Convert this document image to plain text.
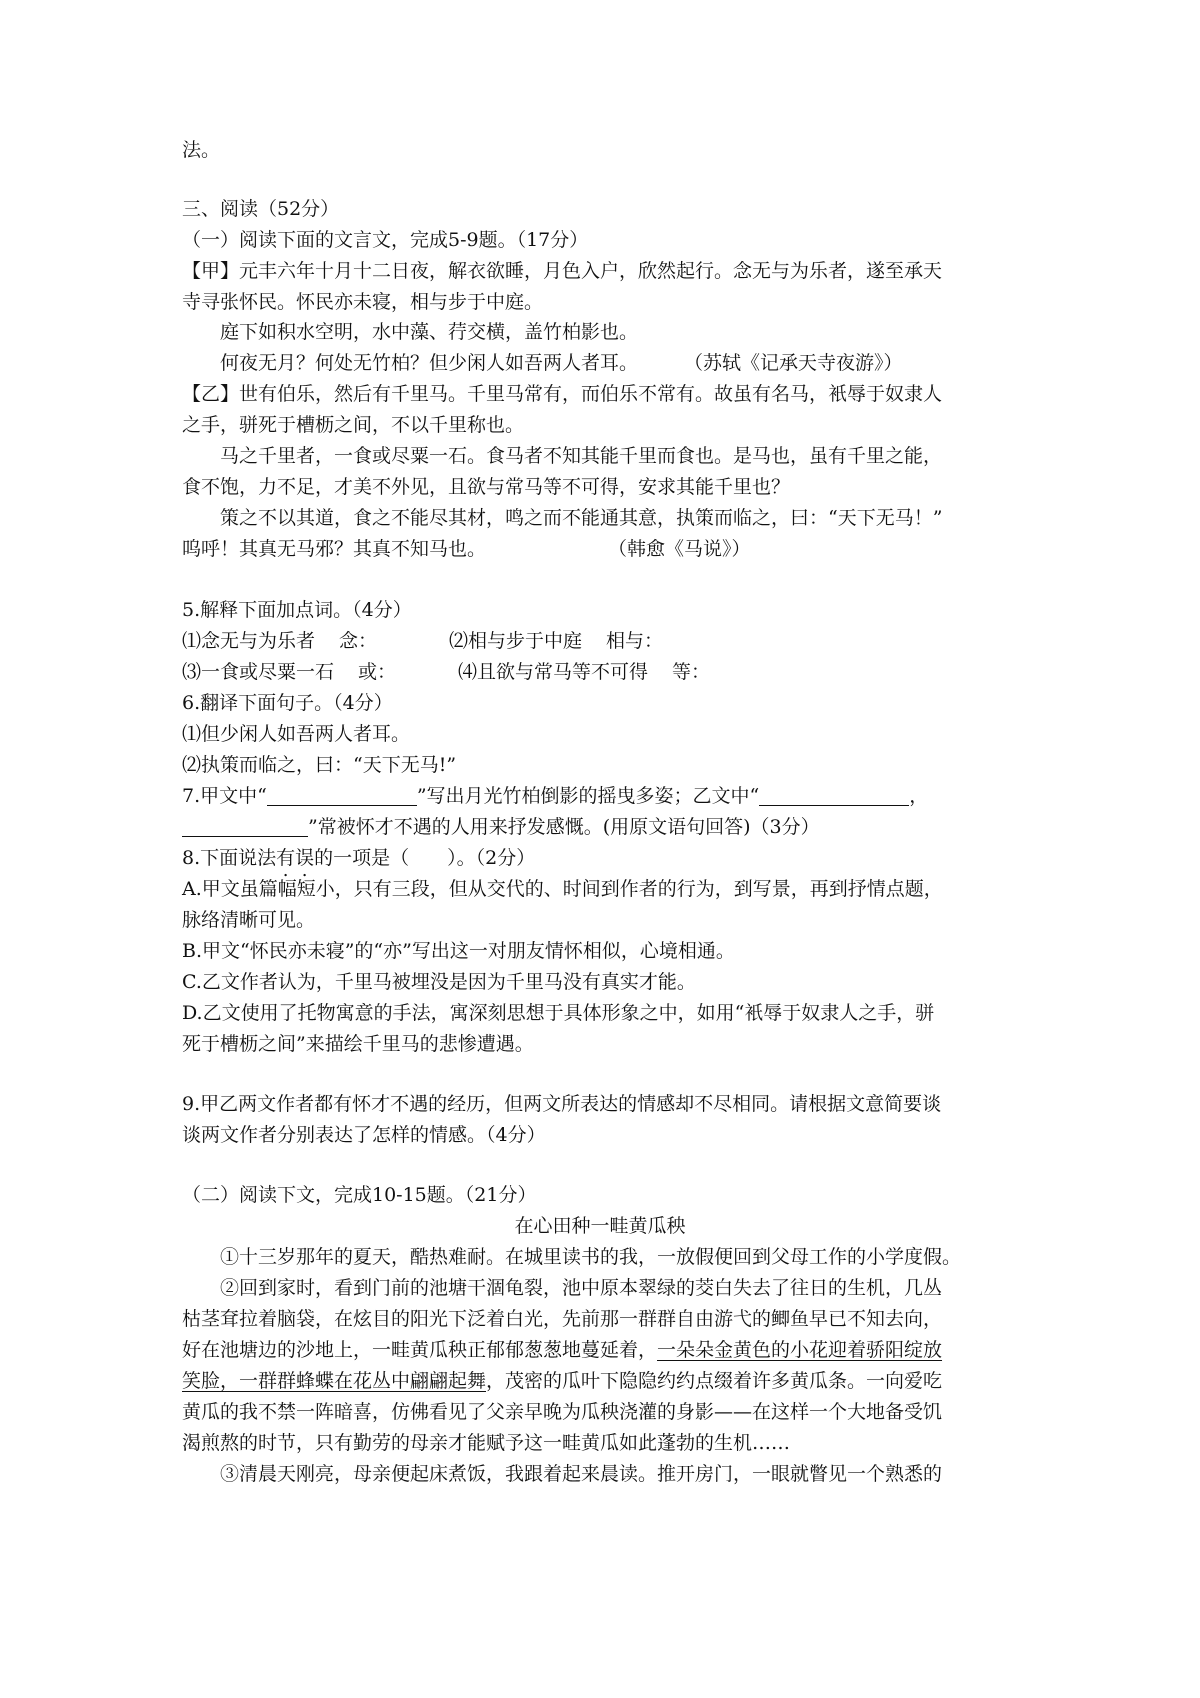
法。
三、阅读（52分）
（一）阅读下面的文言文，完成5-9题。（17分）
【甲】元丰六年十月十二日夜，解衣欲睡，月色入户，欣然起行。念无与为乐者，遂至承天
寺寻张怀民。怀民亦未寝，相与步于中庭。
庭下如积水空明，水中藻、荇交横，盖竹柏影也。
何夜无月？何处无竹柏？但少闲人如吾两人者耳。 （苏轼《记承天寺夜游》）
【乙】世有伯乐，然后有千里马。千里马常有，而伯乐不常有。故虽有名马，衹辱于奴隶人
之手，骈死于槽枥之间，不以千里称也。
马之千里者，一食或尽粟一石。食马者不知其能千里而食也。是马也，虽有千里之能，
食不饱，力不足，才美不外见，且欲与常马等不可得，安求其能千里也？
策之不以其道，食之不能尽其材，鸣之而不能通其意，执策而临之，曰：“天下无马！”
呜呼！其真无马邪？其真不知马也。	（韩愈《马说》）
5.解释下面加点词。（4分）
⑴念无与为乐者 念：	⑵相与步于中庭 相与：
⑶一食或尽粟一石 或：	⑷且欲与常马等不可得 等：
6.翻译下面句子。（4分）
⑴但少闲人如吾两人者耳。
⑵执策而临之，曰：“天下无马!”
7.甲文中“	”写出月光竹柏倒影的摇曳多姿；乙文中“	，
”常被怀才不遇的人用来抒发感慨。(用原文语句回答)（3分）
8.下面说法有误的一项是（　　）。（2分）
A.甲文虽篇幅短小，只有三段，但从交代的、时间到作者的行为，到写景，再到抒情点题，
脉络清晰可见。
B.甲文“怀民亦未寝”的“亦”写出这一对朋友情怀相似，心境相通。
C.乙文作者认为，千里马被埋没是因为千里马没有真实才能。
D.乙文使用了托物寓意的手法，寓深刻思想于具体形象之中，如用“衹辱于奴隶人之手，骈
死于槽枥之间”来描绘千里马的悲惨遭遇。
9.甲乙两文作者都有怀才不遇的经历，但两文所表达的情感却不尽相同。请根据文意简要谈
谈两文作者分别表达了怎样的情感。（4分）
（二）阅读下文，完成10-15题。（21分）
在心田种一畦黄瓜秧
①十三岁那年的夏天，酷热难耐。在城里读书的我，一放假便回到父母工作的小学度假。
②回到家时，看到门前的池塘干涸龟裂，池中原本翠绿的茭白失去了往日的生机，几丛
枯茎耷拉着脑袋，在炫目的阳光下泛着白光，先前那一群群自由游弋的鲫鱼早已不知去向，
好在池塘边的沙地上，一畦黄瓜秧正郁郁葱葱地蔓延着，一朵朵金黄色的小花迎着骄阳绽放
笑脸，一群群蜂蝶在花丛中翩翩起舞，茂密的瓜叶下隐隐约约点缀着许多黄瓜条。一向爱吃
黄瓜的我不禁一阵暗喜，仿佛看见了父亲早晚为瓜秧浇灌的身影——在这样一个大地备受饥
渴煎熬的时节，只有勤劳的母亲才能赋予这一畦黄瓜如此蓬勃的生机……
③清晨天刚亮，母亲便起床煮饭，我跟着起来晨读。推开房门，一眼就瞥见一个熟悉的
